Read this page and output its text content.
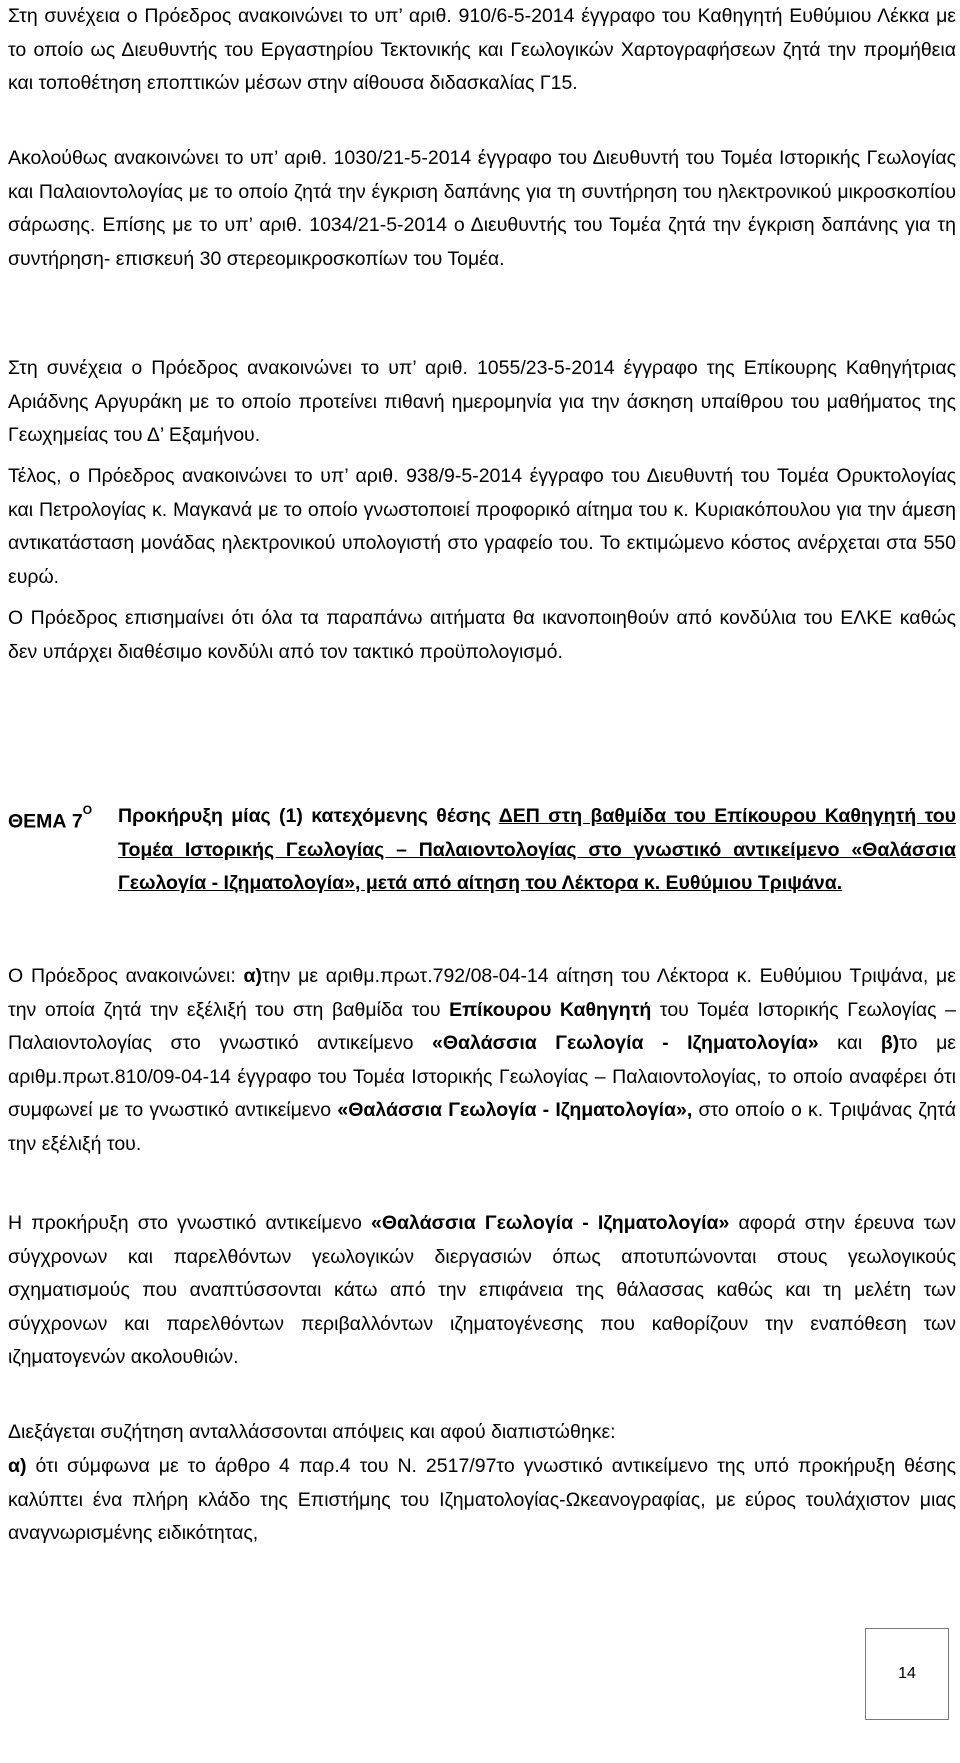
Στη συνέχεια ο Πρόεδρος ανακοινώνει το υπ’ αριθ. 910/6-5-2014 έγγραφο του Καθηγητή Ευθύμιου Λέκκα με το οποίο ως Διευθυντής του Εργαστηρίου Τεκτονικής και Γεωλογικών Χαρτογραφήσεων ζητά την προμήθεια και τοποθέτηση εποπτικών μέσων στην αίθουσα διδασκαλίας Γ15.

Ακολούθως ανακοινώνει το υπ’ αριθ. 1030/21-5-2014 έγγραφο του Διευθυντή του Τομέα Ιστορικής Γεωλογίας και Παλαιοντολογίας με το οποίο ζητά την έγκριση δαπάνης για τη συντήρηση του ηλεκτρονικού μικροσκοπίου σάρωσης. Επίσης με το υπ’ αριθ. 1034/21-5-2014 ο Διευθυντής του Τομέα ζητά την έγκριση δαπάνης για τη συντήρηση- επισκευή 30 στερεομικροσκοπίων του Τομέα.

Στη συνέχεια ο Πρόεδρος ανακοινώνει το υπ’ αριθ. 1055/23-5-2014 έγγραφο της Επίκουρης Καθηγήτριας Αριάδνης Αργυράκη με το οποίο προτείνει πιθανή ημερομηνία για την άσκηση υπαίθρου του μαθήματος της Γεωχημείας του Δ’ Εξαμήνου.

Τέλος, ο Πρόεδρος ανακοινώνει το υπ’ αριθ. 938/9-5-2014 έγγραφο του Διευθυντή του Τομέα Ορυκτολογίας και Πετρολογίας κ. Μαγκανά με το οποίο γνωστοποιεί προφορικό αίτημα του κ. Κυριακόπουλου για την άμεση αντικατάσταση μονάδας ηλεκτρονικού υπολογιστή στο γραφείο του. Το εκτιμώμενο κόστος ανέρχεται στα 550 ευρώ.

Ο Πρόεδρος επισημαίνει ότι όλα τα παραπάνω αιτήματα θα ικανοποιηθούν από κονδύλια του ΕΛΚΕ καθώς δεν υπάρχει διαθέσιμο κονδύλι από τον τακτικό προϋπολογισμό.

ΘΕΜΑ $7^O$ Προκήρυξη μίας (1) κατεχόμενης θέσης ΔΕΠ στη βαθμίδα του Επίκουρου Καθηγητή του Τομέα Ιστορικής Γεωλογίας – Παλαιοντολογίας στο γνωστικό αντικείμενο «Θαλάσσια Γεωλογία - Ιζηματολογία», μετά από αίτηση του Λέκτορα κ. Ευθύμιου Τριψάνα.

Ο Πρόεδρος ανακοινώνει: α)την με αριθμ.πρωτ.792/08-04-14 αίτηση του Λέκτορα κ. Ευθύμιου Τριψάνα, με την οποία ζητά την εξέλιξή του στη βαθμίδα του Επίκουρου Καθηγητή του Τομέα Ιστορικής Γεωλογίας – Παλαιοντολογίας στο γνωστικό αντικείμενο «Θαλάσσια Γεωλογία - Ιζηματολογία» και β)το με αριθμ.πρωτ.810/09-04-14 έγγραφο του Τομέα Ιστορικής Γεωλογίας – Παλαιοντολογίας, το οποίο αναφέρει ότι συμφωνεί με το γνωστικό αντικείμενο «Θαλάσσια Γεωλογία - Ιζηματολογία», στο οποίο ο κ. Τριψάνας ζητά την εξέλιξή του.

Η προκήρυξη στο γνωστικό αντικείμενο «Θαλάσσια Γεωλογία - Ιζηματολογία» αφορά στην έρευνα των σύγχρονων και παρελθόντων γεωλογικών διεργασιών όπως αποτυπώνονται στους γεωλογικούς σχηματισμούς που αναπτύσσονται κάτω από την επιφάνεια της θάλασσας καθώς και τη μελέτη των σύγχρονων και παρελθόντων περιβαλλόντων ιζηματογένεσης που καθορίζουν την εναπόθεση των ιζηματογενών ακολουθιών.

Διεξάγεται συζήτηση ανταλλάσσονται απόψεις και αφού διαπιστώθηκε:

α) ότι σύμφωνα με το άρθρο 4 παρ.4 του Ν. 2517/97το γνωστικό αντικείμενο της υπό προκήρυξη θέσης καλύπτει ένα πλήρη κλάδο της Επιστήμης του Ιζηματολογίας-Ωκεανογραφίας, με εύρος τουλάχιστον μιας αναγνωρισμένης ειδικότητας,

14
